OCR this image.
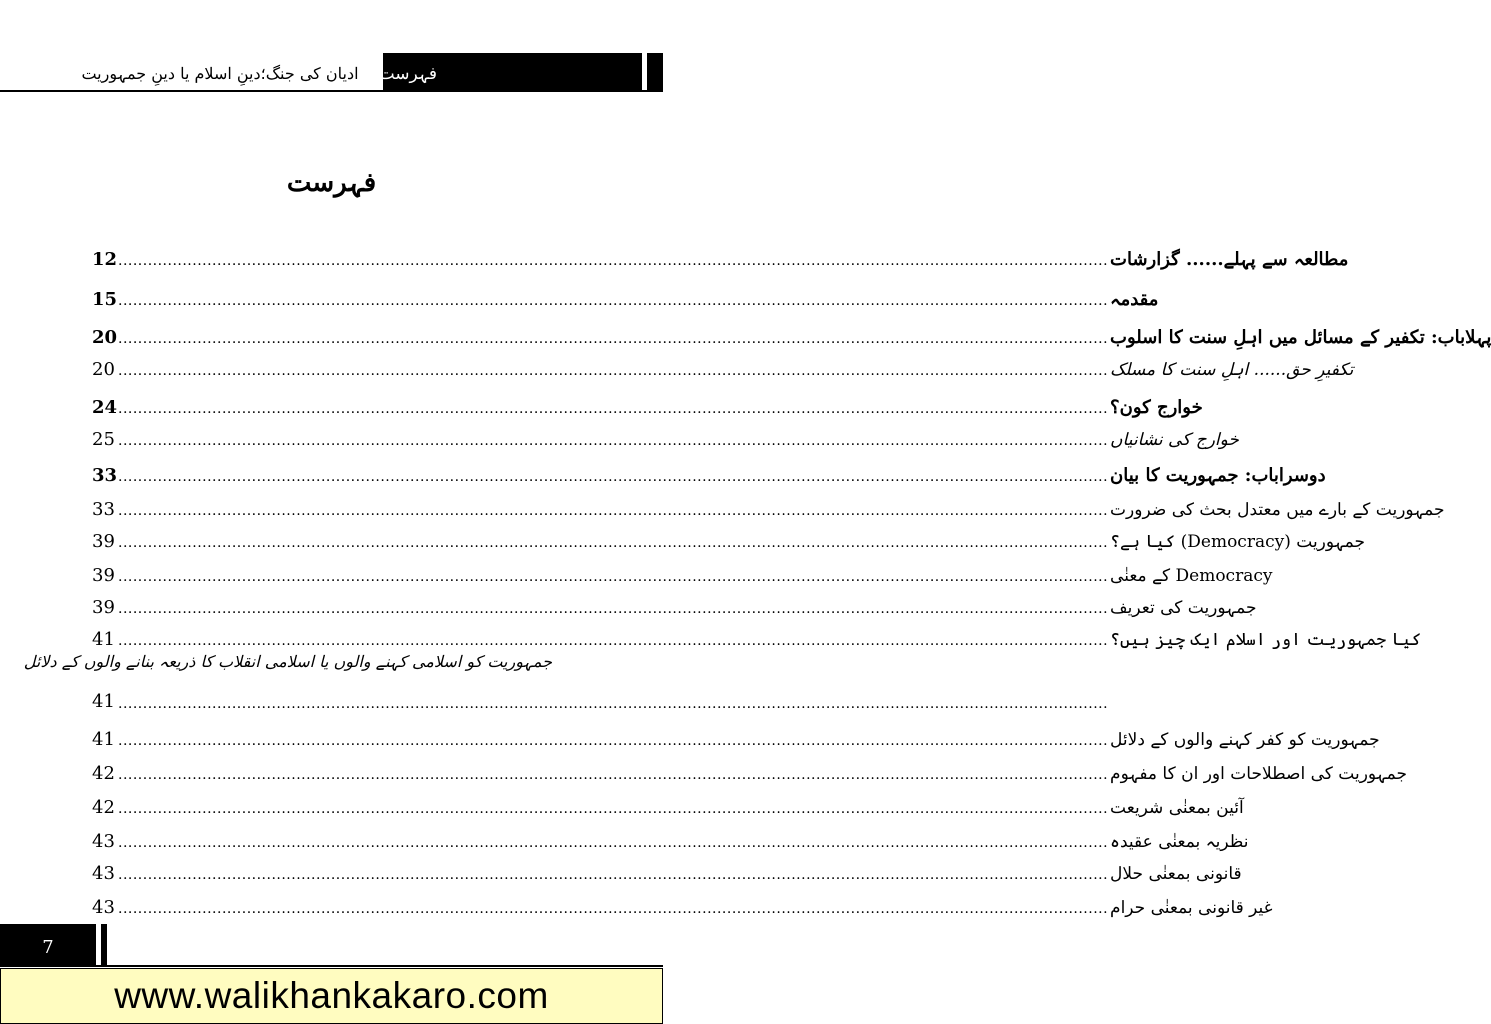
ادیان کی جنگ؛دینِ اسلام یا دینِ جمہوریت	فہرست
فہرست
12 ........................................................................................................................................................................................................ مطالعہ سے پہلے...... گزارشات
15 ........................................................................................................................................................................................................ مقدمہ
20 ........................................................................................................................................................................................................ پہلاباب: تکفیر کے مسائل میں اہلِ سنت کا اسلوب
20 ........................................................................................................................................................................................................ تکفیرِ حق...... اہلِ سنت کا مسلک
24 ........................................................................................................................................................................................................ خوارج کون؟
25 ........................................................................................................................................................................................................ خوارج کی نشانیاں
33 ........................................................................................................................................................................................................ دوسراباب: جمہوریت کا بیان
33 ........................................................................................................................................................................................................ جمہوریت کے بارے میں معتدل بحث کی ضرورت
39 ........................................................................................................................................................................................................ جمہوریت (Democracy) کیا ہے؟
39 ........................................................................................................................................................................................................ Democracy کے معنٰی
39 ........................................................................................................................................................................................................ جمہوریت کی تعریف
41 ........................................................................................................................................................................................................ کیا جمہوریت اور اسلام ایک چیز ہیں؟
جمہوریت کو اسلامی کہنے والوں یا اسلامی انقلاب کا ذریعہ بنانے والوں کے دلائل
41 ........................................................................................................................................................................................................
41 ........................................................................................................................................................................................................ جمہوریت کو کفر کہنے والوں کے دلائل
42 ........................................................................................................................................................................................................ جمہوریت کی اصطلاحات اور ان کا مفہوم
42 ........................................................................................................................................................................................................ آئین بمعنٰی شریعت
43 ........................................................................................................................................................................................................ نظریہ بمعنٰی عقیدہ
43 ........................................................................................................................................................................................................ قانونی بمعنٰی حلال
43 ........................................................................................................................................................................................................ غیر قانونی بمعنٰی حرام
7
www.walikhankakaro.com
